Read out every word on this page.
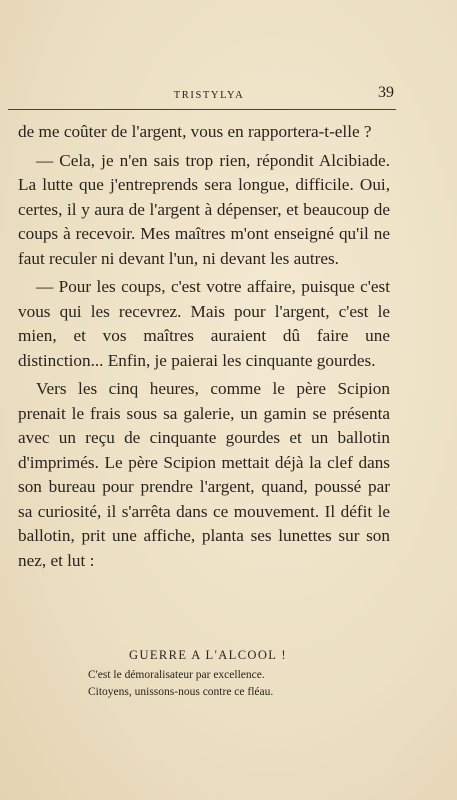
TRISTYLYA	39

de me coûter de l'argent, vous en rapportera-t-elle ?

— Cela, je n'en sais trop rien, répondit Alcibiade. La lutte que j'entreprends sera longue, difficile. Oui, certes, il y aura de l'argent à dépenser, et beaucoup de coups à recevoir. Mes maîtres m'ont enseigné qu'il ne faut reculer ni devant l'un, ni devant les autres.

— Pour les coups, c'est votre affaire, puisque c'est vous qui les recevrez. Mais pour l'argent, c'est le mien, et vos maîtres auraient dû faire une distinction... Enfin, je paierai les cinquante gourdes.

Vers les cinq heures, comme le père Scipion prenait le frais sous sa galerie, un gamin se présenta avec un reçu de cinquante gourdes et un ballotin d'imprimés. Le père Scipion mettait déjà la clef dans son bureau pour prendre l'argent, quand, poussé par sa curiosité, il s'arrêta dans ce mouvement. Il défit le ballotin, prit une affiche, planta ses lunettes sur son nez, et lut :

GUERRE A L'ALCOOL !

C'est le démoralisateur par excellence.

Citoyens, unissons-nous contre ce fléau.
